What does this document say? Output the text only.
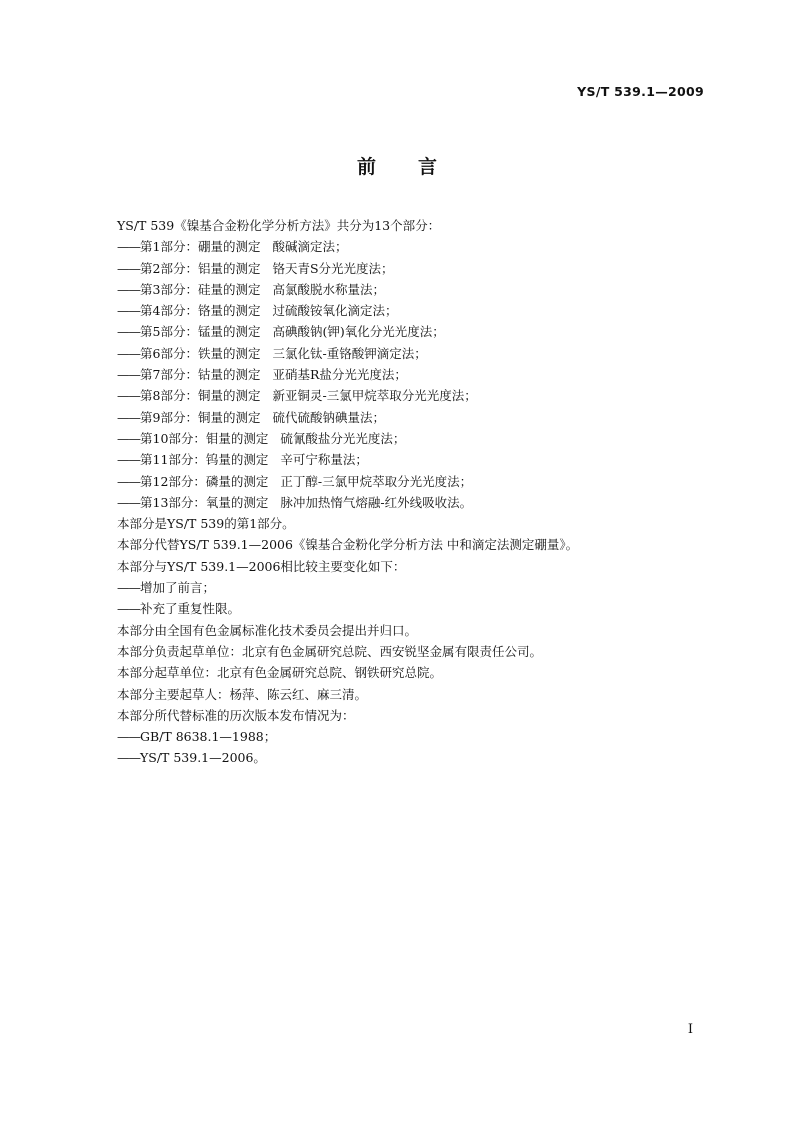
YS/T 539.1—2009
前言
YS/T 539《镍基合金粉化学分析方法》共分为13个部分：
——第1部分：硼量的测定 酸碱滴定法；
——第2部分：铝量的测定 铬天青S分光光度法；
——第3部分：硅量的测定 高氯酸脱水称量法；
——第4部分：铬量的测定 过硫酸铵氧化滴定法；
——第5部分：锰量的测定 高碘酸钠(钾)氧化分光光度法；
——第6部分：铁量的测定 三氯化钛-重铬酸钾滴定法；
——第7部分：钴量的测定 亚硝基R盐分光光度法；
——第8部分：铜量的测定 新亚铜灵-三氯甲烷萃取分光光度法；
——第9部分：铜量的测定 硫代硫酸钠碘量法；
——第10部分：钼量的测定 硫氰酸盐分光光度法；
——第11部分：钨量的测定 辛可宁称量法；
——第12部分：磷量的测定 正丁醇-三氯甲烷萃取分光光度法；
——第13部分：氧量的测定 脉冲加热惰气熔融-红外线吸收法。
本部分是YS/T 539的第1部分。
本部分代替YS/T 539.1—2006《镍基合金粉化学分析方法 中和滴定法测定硼量》。
本部分与YS/T 539.1—2006相比较主要变化如下：
——增加了前言；
——补充了重复性限。
本部分由全国有色金属标准化技术委员会提出并归口。
本部分负责起草单位：北京有色金属研究总院、西安锐坚金属有限责任公司。
本部分起草单位：北京有色金属研究总院、钢铁研究总院。
本部分主要起草人：杨萍、陈云红、麻三清。
本部分所代替标准的历次版本发布情况为：
——GB/T 8638.1—1988；
——YS/T 539.1—2006。
I
